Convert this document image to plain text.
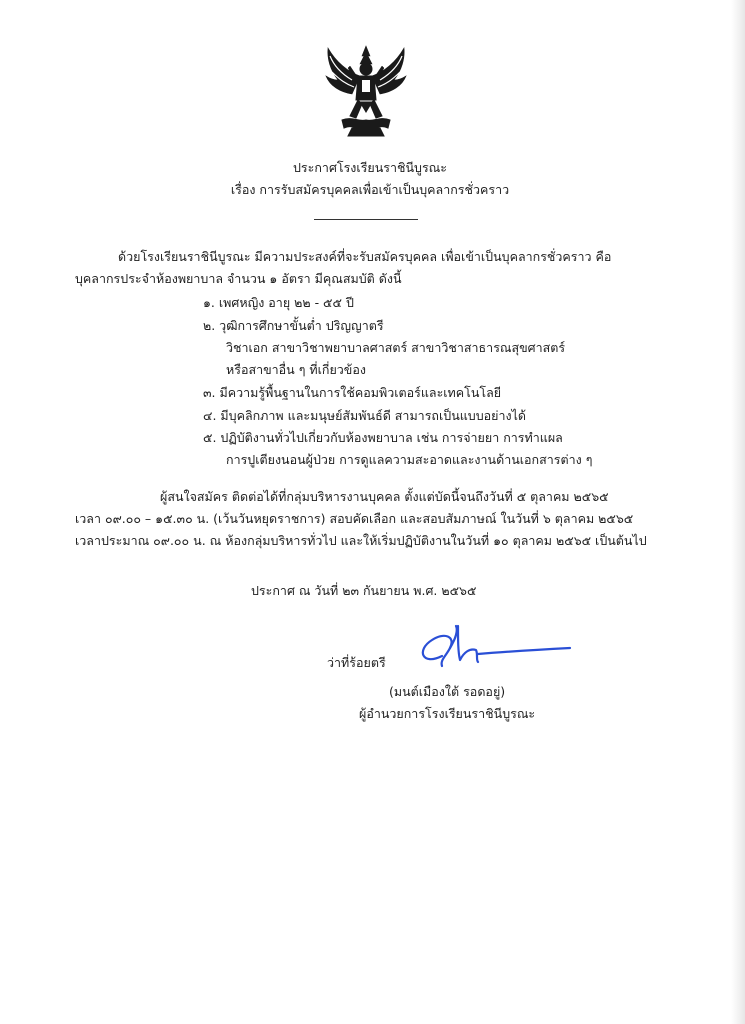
ประกาศโรงเรียนราชินีบูรณะ
เรื่อง การรับสมัครบุคคลเพื่อเข้าเป็นบุคลากรชั่วคราว
ด้วยโรงเรียนราชินีบูรณะ มีความประสงค์ที่จะรับสมัครบุคคล เพื่อเข้าเป็นบุคลากรชั่วคราว คือ
บุคลากรประจำห้องพยาบาล จำนวน ๑ อัตรา มีคุณสมบัติ ดังนี้
๑. เพศหญิง อายุ ๒๒ - ๕๕ ปี
๒. วุฒิการศึกษาขั้นต่ำ ปริญญาตรี
วิชาเอก สาขาวิชาพยาบาลศาสตร์ สาขาวิชาสาธารณสุขศาสตร์
หรือสาขาอื่น ๆ ที่เกี่ยวข้อง
๓. มีความรู้พื้นฐานในการใช้คอมพิวเตอร์และเทคโนโลยี
๔. มีบุคลิกภาพ และมนุษย์สัมพันธ์ดี สามารถเป็นแบบอย่างได้
๕. ปฏิบัติงานทั่วไปเกี่ยวกับห้องพยาบาล เช่น การจ่ายยา การทำแผล
การปูเตียงนอนผู้ป่วย การดูแลความสะอาดและงานด้านเอกสารต่าง ๆ
ผู้สนใจสมัคร ติดต่อได้ที่กลุ่มบริหารงานบุคคล ตั้งแต่บัดนี้จนถึงวันที่ ๕ ตุลาคม ๒๕๖๕
เวลา ๐๙.๐๐ – ๑๕.๓๐ น. (เว้นวันหยุดราชการ) สอบคัดเลือก และสอบสัมภาษณ์ ในวันที่ ๖ ตุลาคม ๒๕๖๕
เวลาประมาณ ๐๙.๐๐ น. ณ ห้องกลุ่มบริหารทั่วไป และให้เริ่มปฏิบัติงานในวันที่ ๑๐ ตุลาคม ๒๕๖๕ เป็นต้นไป
ประกาศ ณ วันที่ ๒๓ กันยายน พ.ศ. ๒๕๖๕
ว่าที่ร้อยตรี
(มนต์เมืองใต้ รอดอยู่)
ผู้อำนวยการโรงเรียนราชินีบูรณะ
